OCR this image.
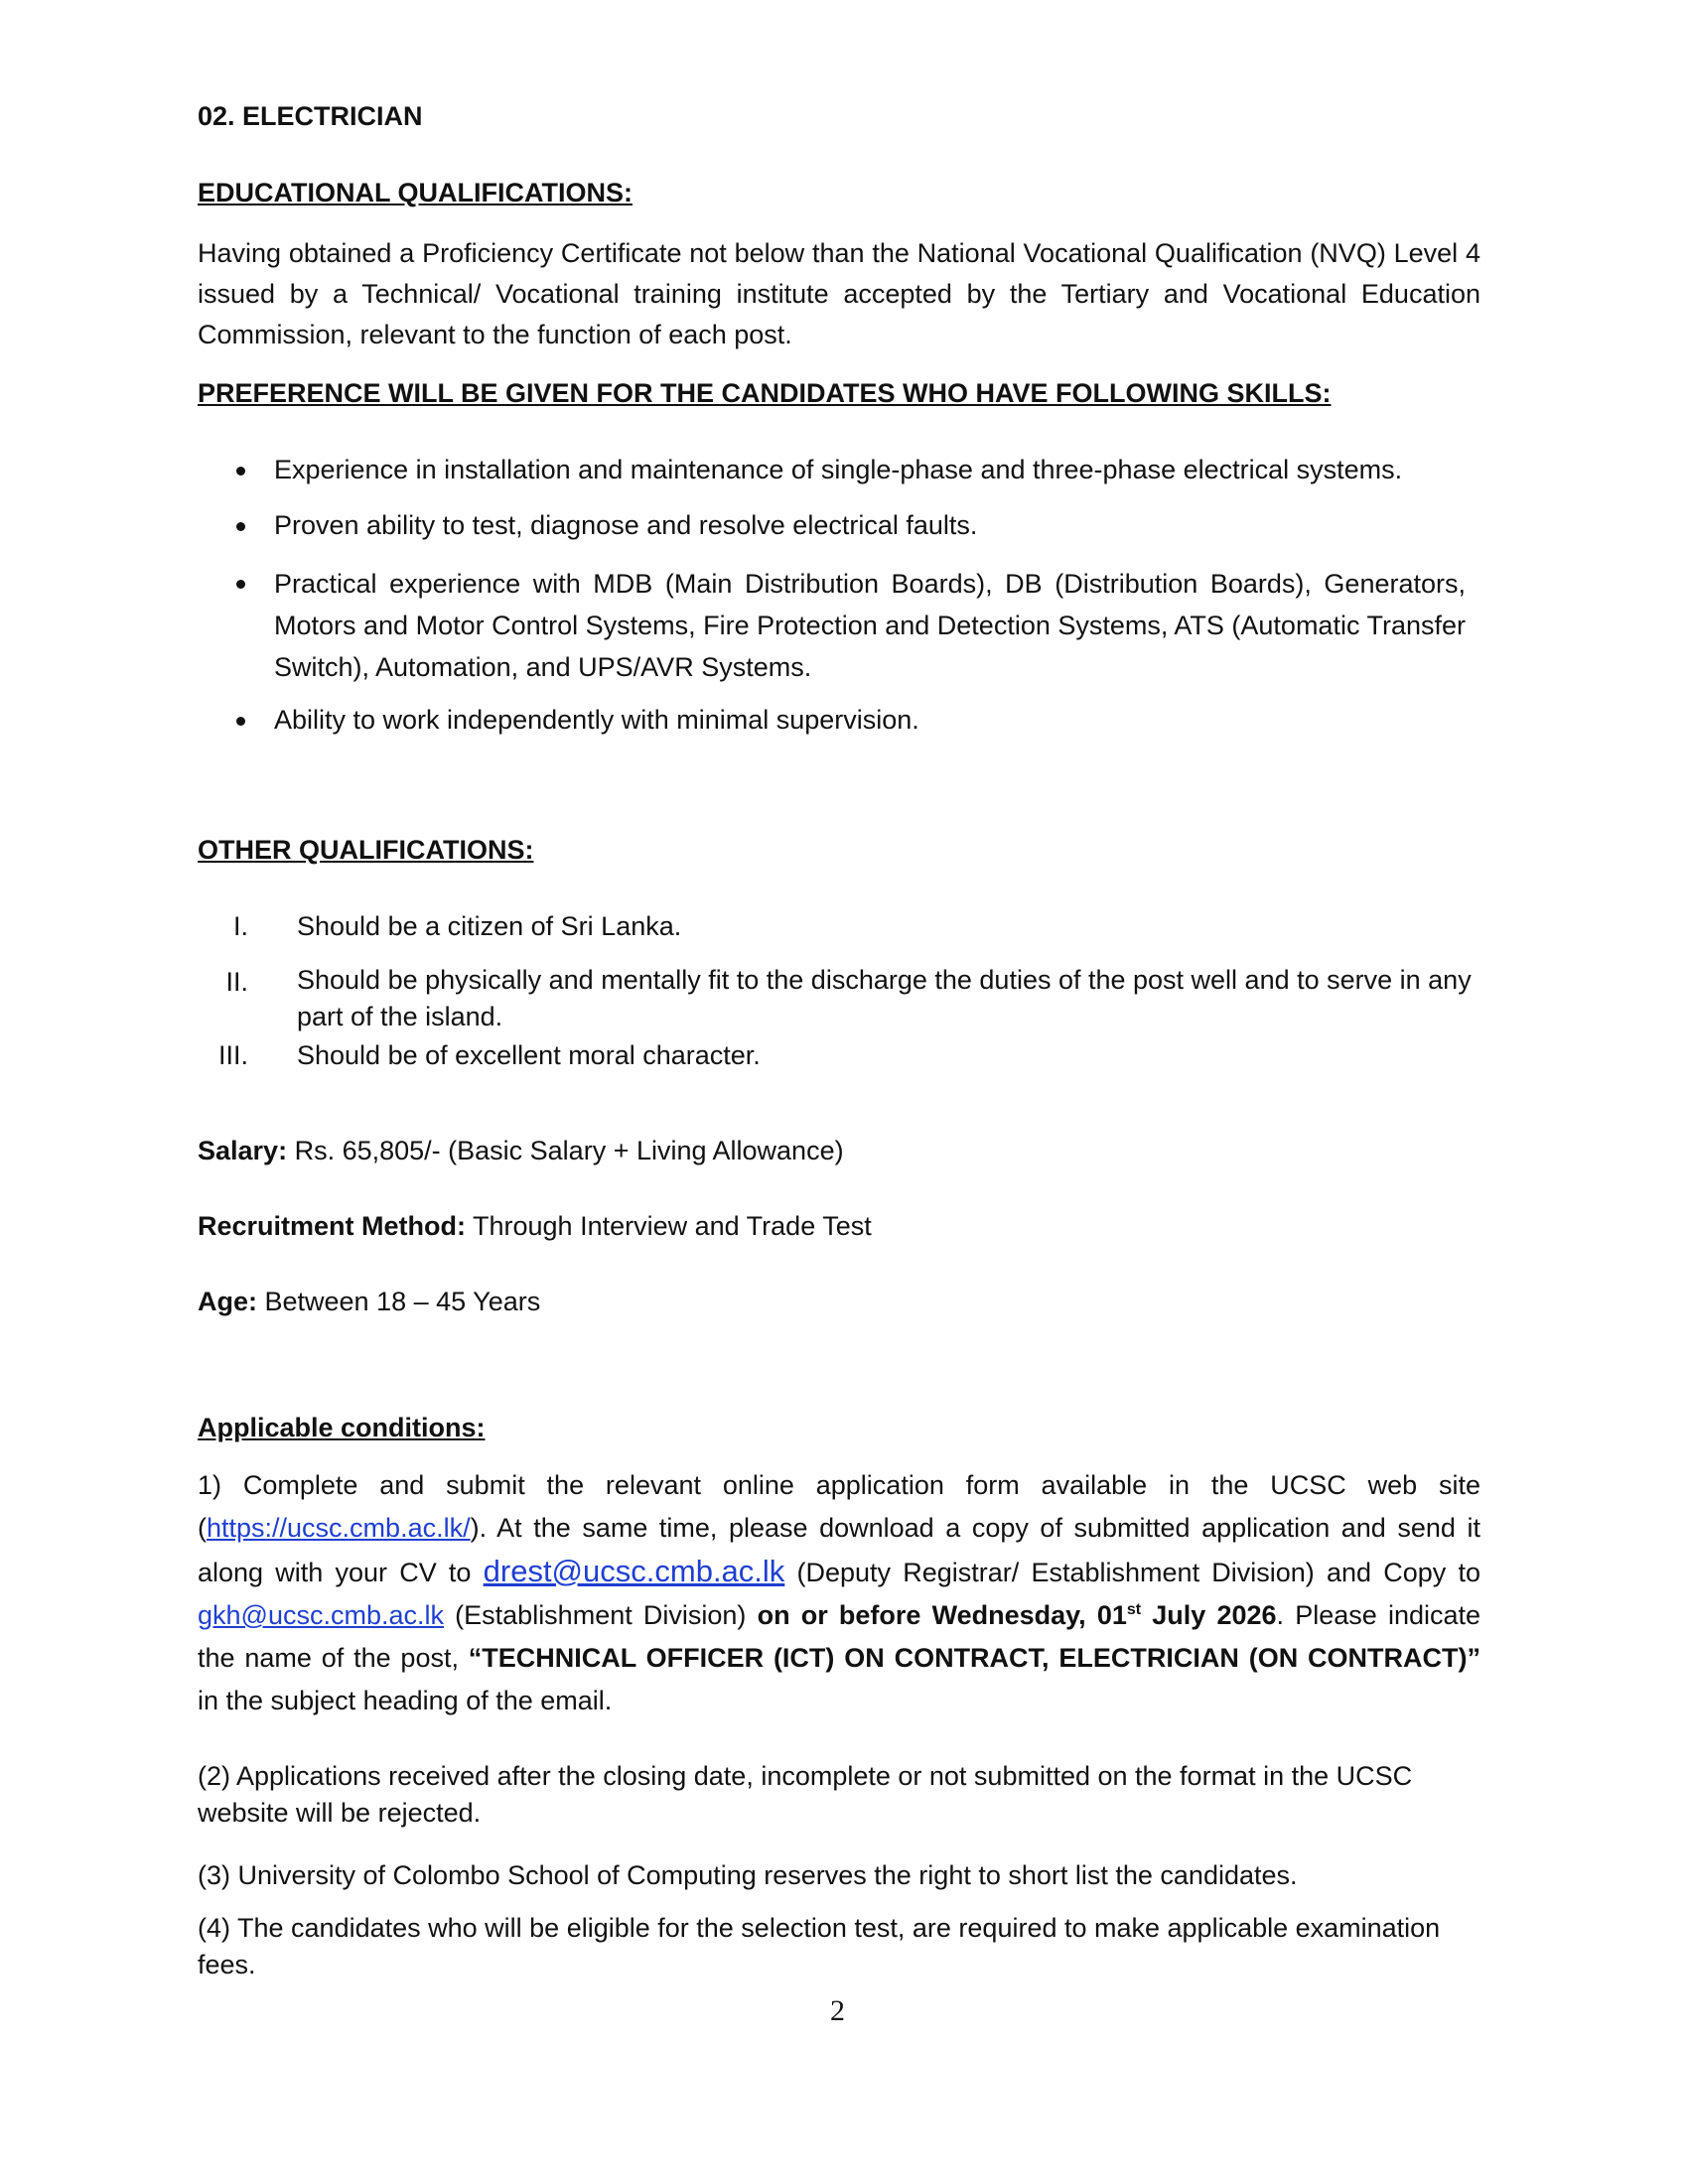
02. ELECTRICIAN
EDUCATIONAL QUALIFICATIONS:
Having obtained a Proficiency Certificate not below than the National Vocational Qualification (NVQ) Level 4 issued by a Technical/ Vocational training institute accepted by the Tertiary and Vocational Education Commission, relevant to the function of each post.
PREFERENCE WILL BE GIVEN FOR THE CANDIDATES WHO HAVE FOLLOWING SKILLS:
Experience in installation and maintenance of single-phase and three-phase electrical systems.
Proven ability to test, diagnose and resolve electrical faults.
Practical experience with MDB (Main Distribution Boards), DB (Distribution Boards), Generators, Motors and Motor Control Systems, Fire Protection and Detection Systems, ATS (Automatic Transfer Switch), Automation, and UPS/AVR Systems.
Ability to work independently with minimal supervision.
OTHER QUALIFICATIONS:
I. Should be a citizen of Sri Lanka.
II. Should be physically and mentally fit to the discharge the duties of the post well and to serve in any part of the island.
III. Should be of excellent moral character.
Salary: Rs. 65,805/- (Basic Salary + Living Allowance)
Recruitment Method: Through Interview and Trade Test
Age: Between 18 – 45 Years
Applicable conditions:
1) Complete and submit the relevant online application form available in the UCSC web site (https://ucsc.cmb.ac.lk/). At the same time, please download a copy of submitted application and send it along with your CV to drest@ucsc.cmb.ac.lk (Deputy Registrar/ Establishment Division) and Copy to gkh@ucsc.cmb.ac.lk (Establishment Division) on or before Wednesday, 01st July 2026. Please indicate the name of the post, “TECHNICAL OFFICER (ICT) ON CONTRACT, ELECTRICIAN (ON CONTRACT)” in the subject heading of the email.
(2) Applications received after the closing date, incomplete or not submitted on the format in the UCSC website will be rejected.
(3) University of Colombo School of Computing reserves the right to short list the candidates.
(4) The candidates who will be eligible for the selection test, are required to make applicable examination fees.
2
